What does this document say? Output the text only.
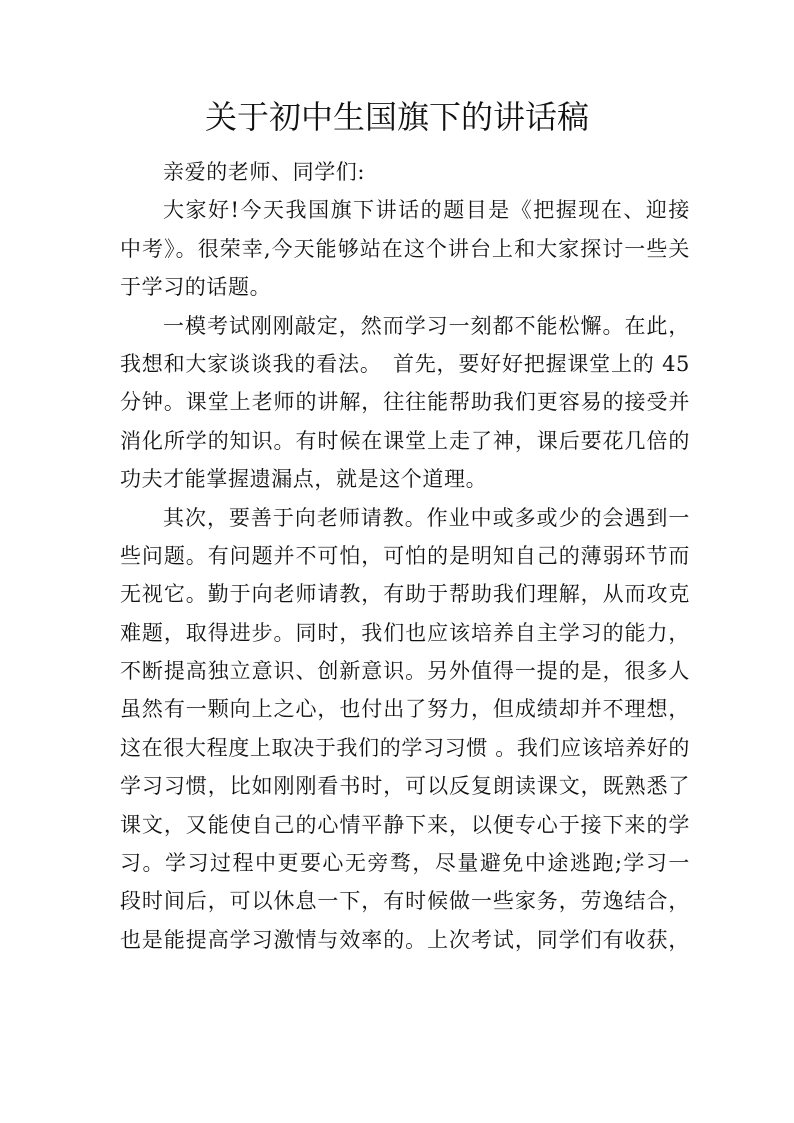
关于初中生国旗下的讲话稿
亲爱的老师、同学们:
大家好!今天我国旗下讲话的题目是《把握现在、迎接
中考》。很荣幸,今天能够站在这个讲台上和大家探讨一些关
于学习的话题。
一模考试刚刚敲定，然而学习一刻都不能松懈。在此，
我想和大家谈谈我的看法。　首先，要好好把握课堂上的 45
分钟。课堂上老师的讲解，往往能帮助我们更容易的接受并
消化所学的知识。有时候在课堂上走了神，课后要花几倍的
功夫才能掌握遗漏点，就是这个道理。
其次，要善于向老师请教。作业中或多或少的会遇到一
些问题。有问题并不可怕，可怕的是明知自己的薄弱环节而
无视它。勤于向老师请教，有助于帮助我们理解，从而攻克
难题，取得进步。同时，我们也应该培养自主学习的能力，
不断提高独立意识、创新意识。另外值得一提的是，很多人
虽然有一颗向上之心，也付出了努力，但成绩却并不理想，
这在很大程度上取决于我们的学习习惯 。我们应该培养好的
学习习惯，比如刚刚看书时，可以反复朗读课文，既熟悉了
课文，又能使自己的心情平静下来，以便专心于接下来的学
习。学习过程中更要心无旁骛，尽量避免中途逃跑;学习一
段时间后，可以休息一下，有时候做一些家务，劳逸结合，
也是能提高学习激情与效率的。上次考试，同学们有收获，
